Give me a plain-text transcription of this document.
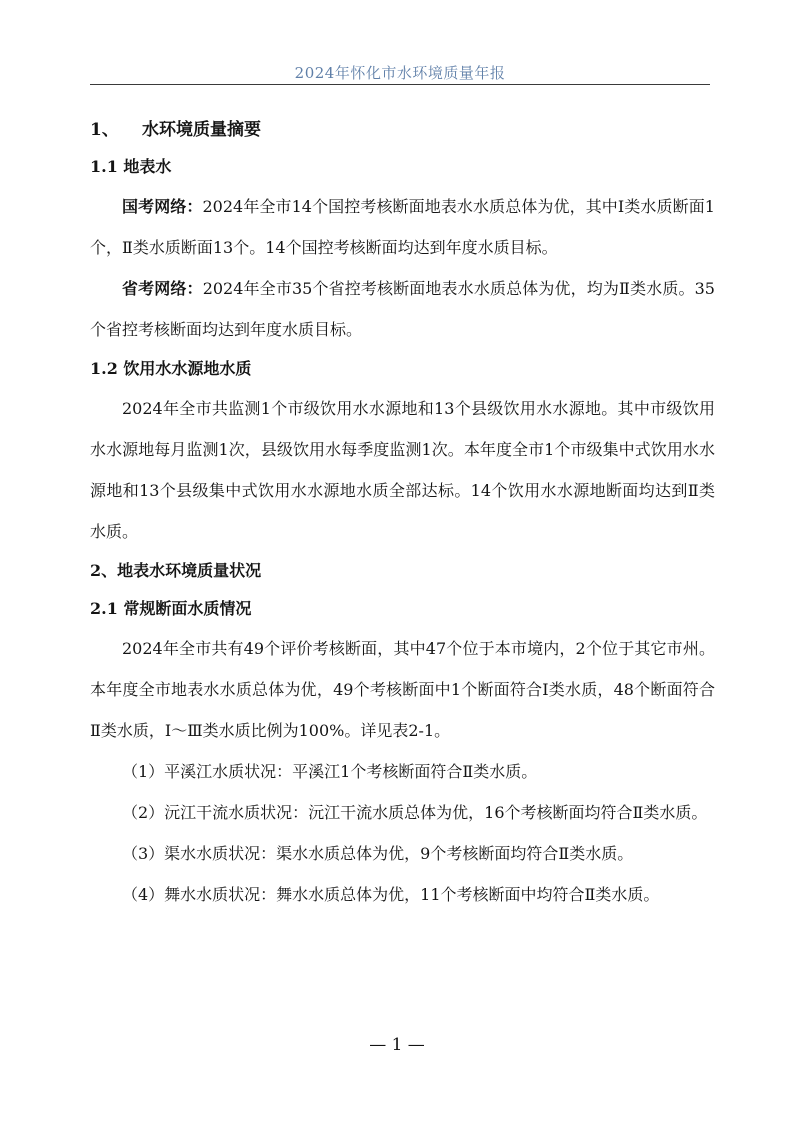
2024年怀化市水环境质量年报
1、 水环境质量摘要
1.1 地表水

国考网络：2024年全市14个国控考核断面地表水水质总体为优，其中Ⅰ类水质断面1个，Ⅱ类水质断面13个。14个国控考核断面均达到年度水质目标。

省考网络：2024年全市35个省控考核断面地表水水质总体为优，均为Ⅱ类水质。35个省控考核断面均达到年度水质目标。

1.2 饮用水水源地水质

2024年全市共监测1个市级饮用水水源地和13个县级饮用水水源地。其中市级饮用水水源地每月监测1次，县级饮用水每季度监测1次。本年度全市1个市级集中式饮用水水源地和13个县级集中式饮用水水源地水质全部达标。14个饮用水水源地断面均达到Ⅱ类水质。

2、地表水环境质量状况
2.1 常规断面水质情况

2024年全市共有49个评价考核断面，其中47个位于本市境内，2个位于其它市州。本年度全市地表水水质总体为优，49个考核断面中1个断面符合Ⅰ类水质，48个断面符合Ⅱ类水质，Ⅰ～Ⅲ类水质比例为100%。详见表2-1。

（1）平溪江水质状况：平溪江1个考核断面符合Ⅱ类水质。

（2）沅江干流水质状况：沅江干流水质总体为优，16个考核断面均符合Ⅱ类水质。

（3）渠水水质状况：渠水水质总体为优，9个考核断面均符合Ⅱ类水质。

（4）舞水水质状况：舞水水质总体为优，11个考核断面中均符合Ⅱ类水质。

— 1 —
